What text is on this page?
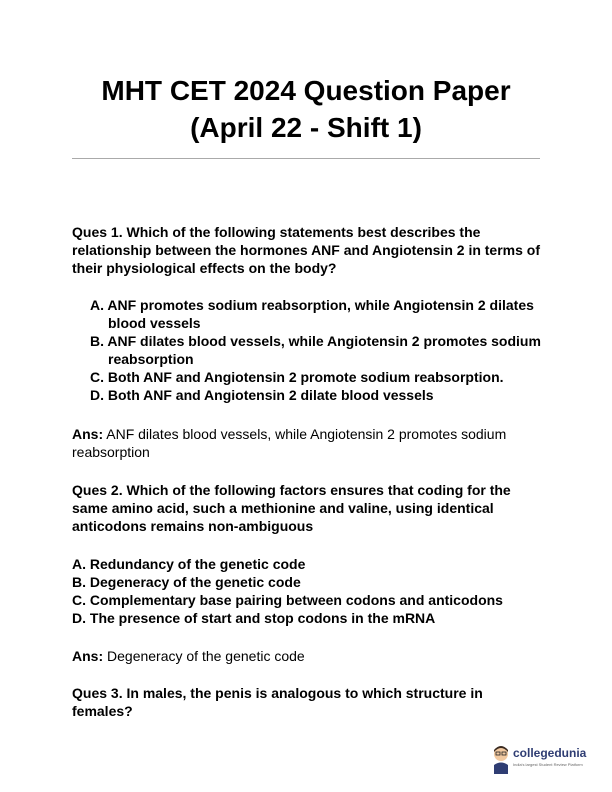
MHT CET 2024 Question Paper
(April 22 - Shift 1)
Ques 1. Which of the following statements best describes the relationship between the hormones ANF and Angiotensin 2 in terms of their physiological effects on the body?
A. ANF promotes sodium reabsorption, while Angiotensin 2 dilates blood vessels
B. ANF dilates blood vessels, while Angiotensin 2 promotes sodium reabsorption
C. Both ANF and Angiotensin 2 promote sodium reabsorption.
D. Both ANF and Angiotensin 2 dilate blood vessels
Ans: ANF dilates blood vessels, while Angiotensin 2 promotes sodium reabsorption
Ques 2. Which of the following factors ensures that coding for the same amino acid, such a methionine and valine, using identical anticodons remains non-ambiguous
A. Redundancy of the genetic code
B. Degeneracy of the genetic code
C. Complementary base pairing between codons and anticodons
D. The presence of start and stop codons in the mRNA
Ans: Degeneracy of the genetic code
Ques 3. In males, the penis is analogous to which structure in females?
collegedunia
India's largest Student Review Platform
